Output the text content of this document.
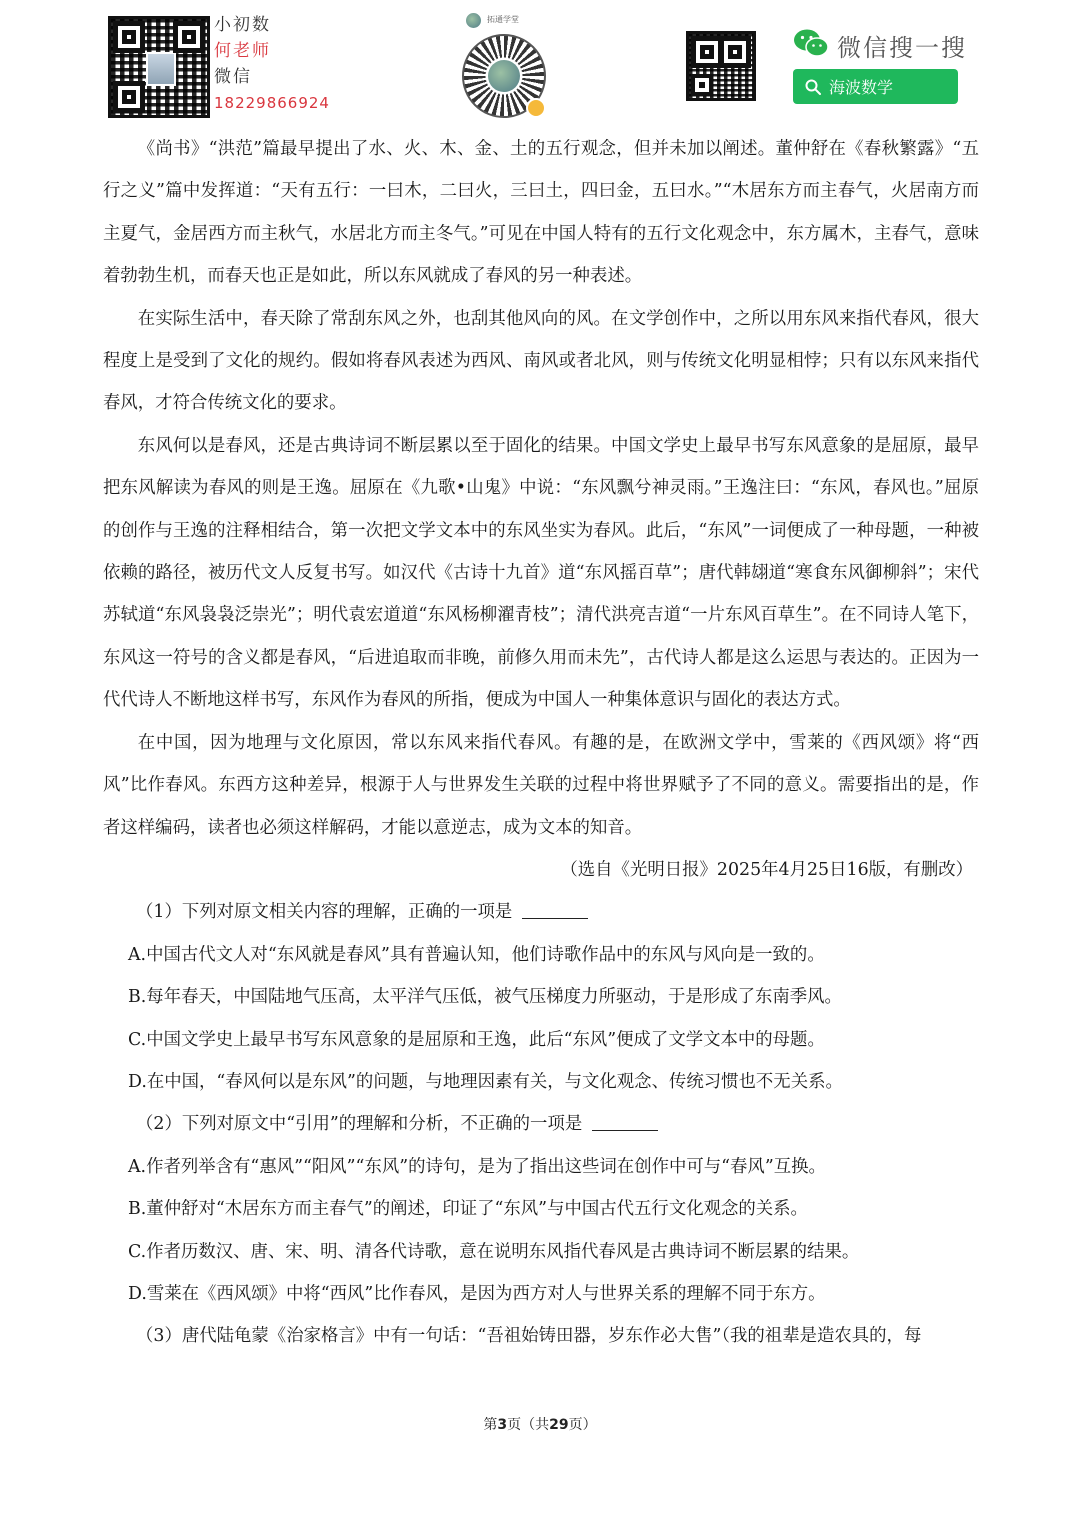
小初数
何老师
微信
18229866924
拓通学堂
微信搜一搜
海波数学

《尚书》“洪范”篇最早提出了水、火、木、金、土的五行观念，但并未加以阐述。董仲舒在《春秋繁露》“五行之义”篇中发挥道：“天有五行：一曰木，二曰火，三曰土，四曰金，五曰水。”“木居东方而主春气，火居南方而主夏气，金居西方而主秋气，水居北方而主冬气。”可见在中国人特有的五行文化观念中，东方属木，主春气，意味着勃勃生机，而春天也正是如此，所以东风就成了春风的另一种表述。

在实际生活中，春天除了常刮东风之外，也刮其他风向的风。在文学创作中，之所以用东风来指代春风，很大程度上是受到了文化的规约。假如将春风表述为西风、南风或者北风，则与传统文化明显相悖；只有以东风来指代春风，才符合传统文化的要求。

东风何以是春风，还是古典诗词不断层累以至于固化的结果。中国文学史上最早书写东风意象的是屈原，最早把东风解读为春风的则是王逸。屈原在《九歌•山鬼》中说：“东风飘兮神灵雨。”王逸注曰：“东风，春风也。”屈原的创作与王逸的注释相结合，第一次把文学文本中的东风坐实为春风。此后，“东风”一词便成了一种母题，一种被依赖的路径，被历代文人反复书写。如汉代《古诗十九首》道“东风摇百草”；唐代韩翃道“寒食东风御柳斜”；宋代苏轼道“东风袅袅泛崇光”；明代袁宏道道“东风杨柳濯青枝”；清代洪亮吉道“一片东风百草生”。在不同诗人笔下，东风这一符号的含义都是春风，“后进追取而非晚，前修久用而未先”，古代诗人都是这么运思与表达的。正因为一代代诗人不断地这样书写，东风作为春风的所指，便成为中国人一种集体意识与固化的表达方式。

在中国，因为地理与文化原因，常以东风来指代春风。有趣的是，在欧洲文学中，雪莱的《西风颂》将“西风”比作春风。东西方这种差异，根源于人与世界发生关联的过程中将世界赋予了不同的意义。需要指出的是，作者这样编码，读者也必须这样解码，才能以意逆志，成为文本的知音。

（选自《光明日报》2025年4月25日16版，有删改）

（1）下列对原文相关内容的理解，正确的一项是

A.中国古代文人对“东风就是春风”具有普遍认知，他们诗歌作品中的东风与风向是一致的。

B.每年春天，中国陆地气压高，太平洋气压低，被气压梯度力所驱动，于是形成了东南季风。

C.中国文学史上最早书写东风意象的是屈原和王逸，此后“东风”便成了文学文本中的母题。

D.在中国，“春风何以是东风”的问题，与地理因素有关，与文化观念、传统习惯也不无关系。

（2）下列对原文中“引用”的理解和分析，不正确的一项是

A.作者列举含有“惠风”“阳风”“东风”的诗句，是为了指出这些词在创作中可与“春风”互换。

B.董仲舒对“木居东方而主春气”的阐述，印证了“东风”与中国古代五行文化观念的关系。

C.作者历数汉、唐、宋、明、清各代诗歌，意在说明东风指代春风是古典诗词不断层累的结果。

D.雪莱在《西风颂》中将“西风”比作春风，是因为西方对人与世界关系的理解不同于东方。

（3）唐代陆龟蒙《治家格言》中有一句话：“吾祖始铸田器，岁东作必大售”（我的祖辈是造农具的，每

第3页（共29页）
